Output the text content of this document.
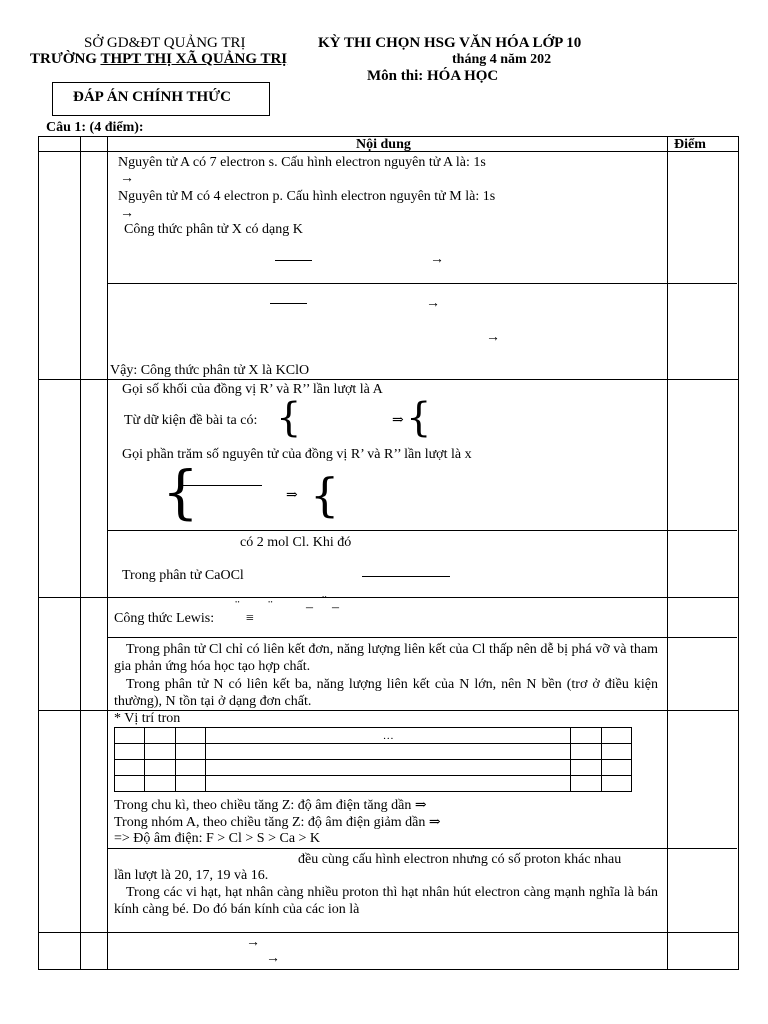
SỞ GD&ĐT QUẢNG TRỊ
TRƯỜNG THPT THỊ XÃ QUẢNG TRỊ
KỲ THI CHỌN HSG VĂN HÓA LỚP 10
tháng 4 năm 202
Môn thi: HÓA HỌC
ĐÁP ÁN CHÍNH THỨC
Câu 1: (4 điểm):
Nội dung	Điểm
Nguyên tử A có 7 electron s. Cấu hình electron nguyên tử A là: 1s
→
Nguyên tử M có 4 electron p. Cấu hình electron nguyên tử M là: 1s
→
Công thức phân tử X có dạng K
→
→
→
Vậy: Công thức phân tử X là KClO
Gọi số khối của đồng vị R’ và R’’ lần lượt là A
Từ dữ kiện đề bài ta có: {	⇒ {
Gọi phần trăm số nguyên tử của đồng vị R’ và R’’ lần lượt là x
{	⇒ {
có 2 mol Cl. Khi đó
Trong phân tử CaOCl
Công thức Lewis:
¨
≡
¨ – ¨ –
Trong phân tử Cl chỉ có liên kết đơn, năng lượng liên kết của Cl thấp nên dễ bị phá vỡ và tham gia phản ứng hóa học tạo hợp chất.
Trong phân tử N có liên kết ba, năng lượng liên kết của N lớn, nên N bền (trơ ở điều kiện thường), N tồn tại ở dạng đơn chất.
* Vị trí tron
			…		

Trong chu kì, theo chiều tăng Z: độ âm điện tăng dần ⇒
Trong nhóm A, theo chiều tăng Z: độ âm điện giảm dần ⇒
=> Độ âm điện: F > Cl > S > Ca > K
đều cùng cấu hình electron nhưng có số proton khác nhau
lần lượt là 20, 17, 19 và 16.
Trong các vi hạt, hạt nhân càng nhiều proton thì hạt nhân hút electron càng mạnh nghĩa là bán kính càng bé. Do đó bán kính của các ion là
→
→
